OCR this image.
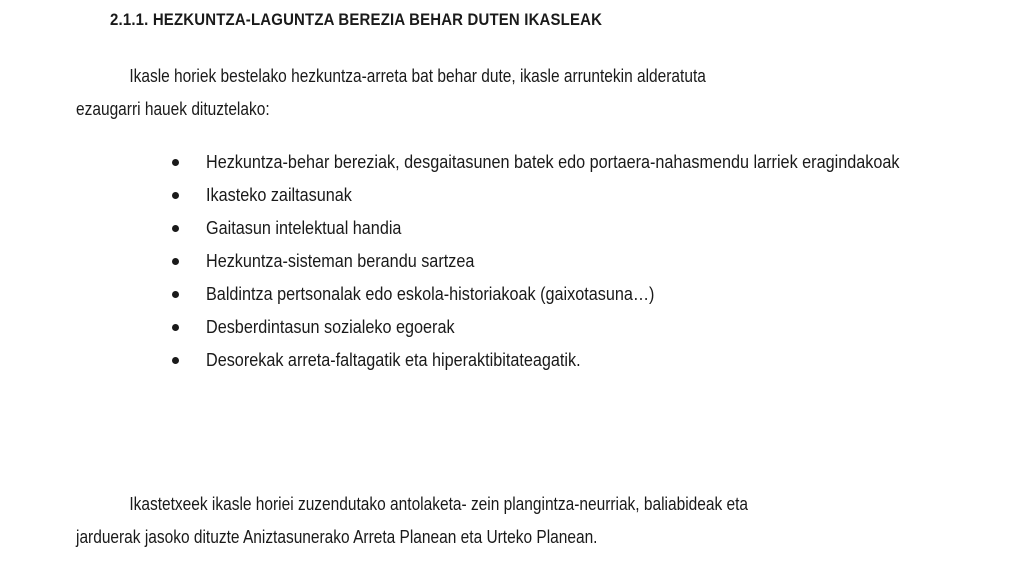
2.1.1. HEZKUNTZA-LAGUNTZA BEREZIA BEHAR DUTEN IKASLEAK
Ikasle horiek bestelako hezkuntza-arreta bat behar dute, ikasle arruntekin alderatuta
ezaugarri hauek dituztelako:
Hezkuntza-behar bereziak, desgaitasunen batek edo portaera-nahasmendu larriek eragindakoak
Ikasteko zailtasunak
Gaitasun intelektual handia
Hezkuntza-sisteman berandu sartzea
Baldintza pertsonalak edo eskola-historiakoak (gaixotasuna…)
Desberdintasun sozialeko egoerak
Desorekak arreta-faltagatik eta hiperaktibitateagatik.
Ikastetxeek ikasle horiei zuzendutako antolaketa- zein plangintza-neurriak, baliabideak eta
jarduerak jasoko dituzte Aniztasunerako Arreta Planean eta Urteko Planean.
